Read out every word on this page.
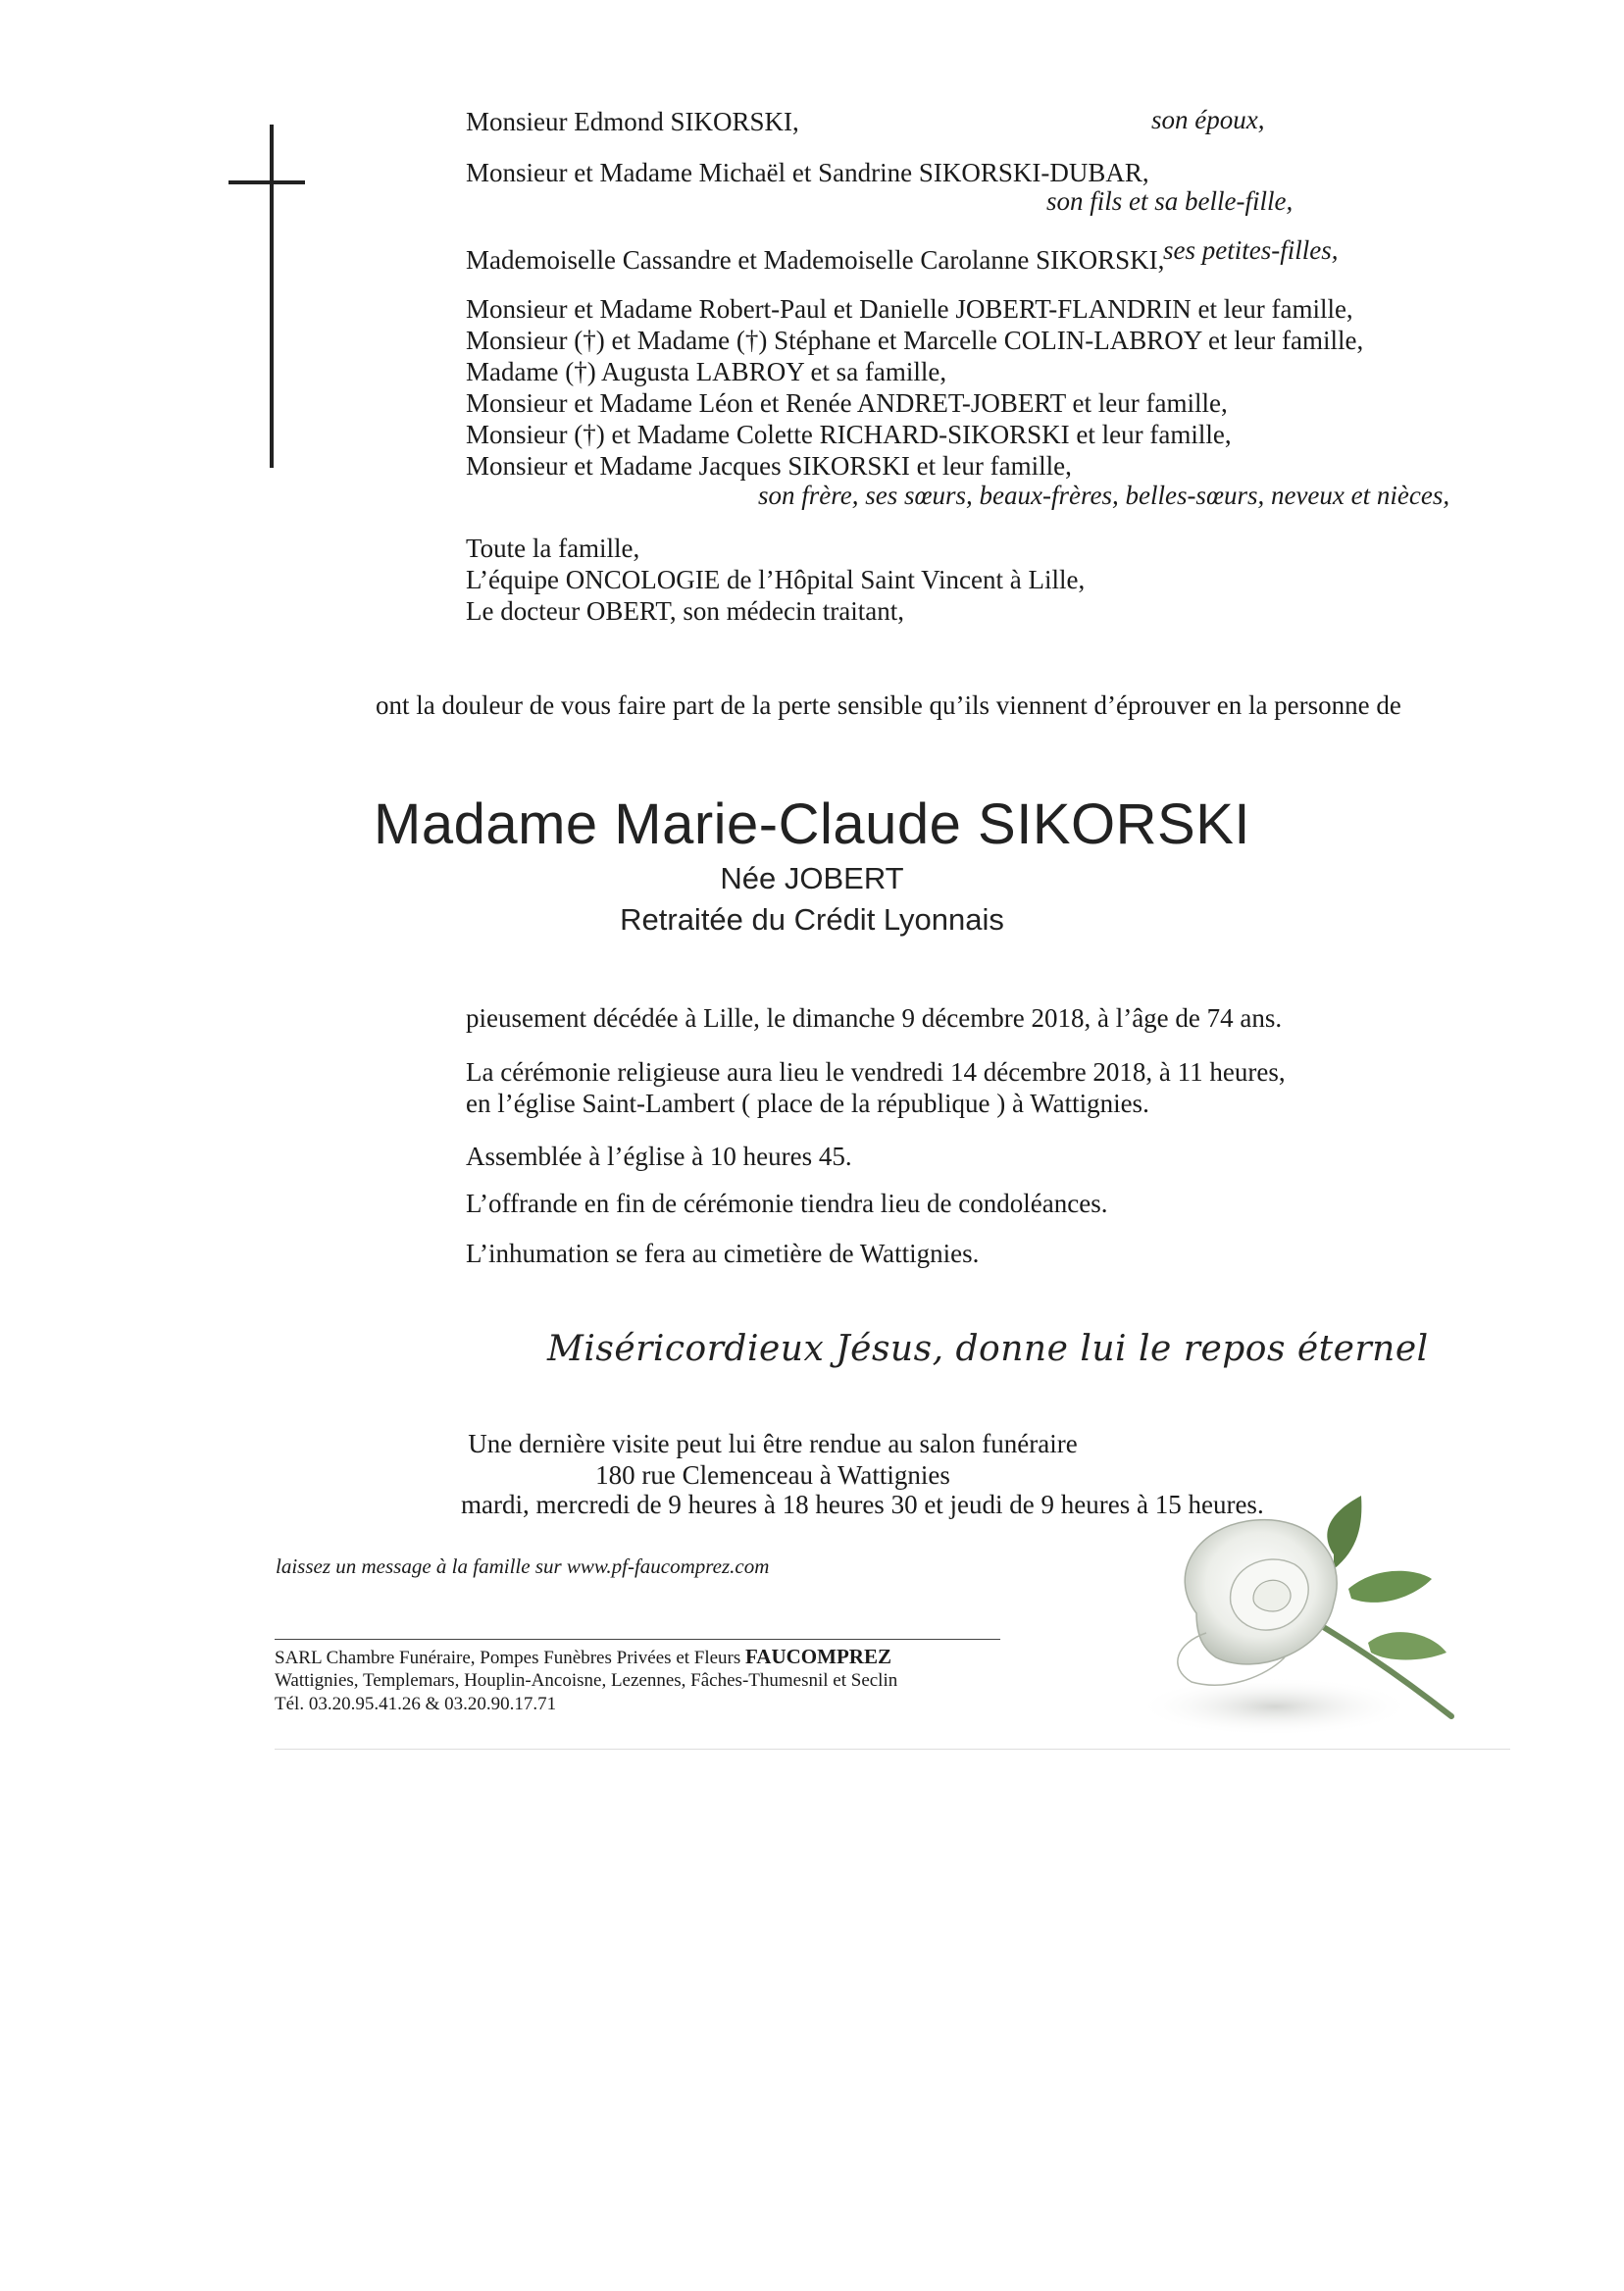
Monsieur Edmond SIKORSKI,	son époux,

Monsieur et Madame Michaël et Sandrine SIKORSKI-DUBAR,

son fils et sa belle-fille,

Mademoiselle Cassandre et Mademoiselle Carolanne SIKORSKI,

ses petites-filles,

Monsieur et Madame Robert-Paul et Danielle JOBERT-FLANDRIN et leur famille,

Monsieur (†) et Madame (†) Stéphane et Marcelle COLIN-LABROY et leur famille,

Madame (†) Augusta LABROY et sa famille,

Monsieur et Madame Léon et Renée ANDRET-JOBERT et leur famille,

Monsieur (†) et Madame Colette RICHARD-SIKORSKI et leur famille,

Monsieur et Madame Jacques SIKORSKI et leur famille,

son frère, ses sœurs, beaux-frères, belles-sœurs, neveux et nièces,

Toute la famille,

L’équipe ONCOLOGIE de l’Hôpital Saint Vincent à Lille,

Le docteur OBERT, son médecin traitant,

ont la douleur de vous faire part de la perte sensible qu’ils viennent d’éprouver en la personne de

Madame Marie-Claude SIKORSKI

Née JOBERT

Retraitée du Crédit Lyonnais

pieusement décédée à Lille, le dimanche 9 décembre 2018, à l’âge de 74 ans.

La cérémonie religieuse aura lieu le vendredi 14 décembre 2018, à 11 heures,

en l’église Saint-Lambert ( place de la république ) à Wattignies.

Assemblée à l’église à 10 heures 45.

L’offrande en fin de cérémonie tiendra lieu de condoléances.

L’inhumation se fera au cimetière de Wattignies.

Miséricordieux Jésus, donne lui le repos éternel

Une dernière visite peut lui être rendue au salon funéraire

180 rue Clemenceau à Wattignies

mardi, mercredi de 9 heures à 18 heures 30 et jeudi de 9 heures à 15 heures.

laissez un message à la famille sur www.pf-faucomprez.com

SARL Chambre Funéraire, Pompes Funèbres Privées et Fleurs FAUCOMPREZ

Wattignies, Templemars, Houplin-Ancoisne, Lezennes, Fâches-Thumesnil et Seclin

Tél. 03.20.95.41.26 & 03.20.90.17.71
